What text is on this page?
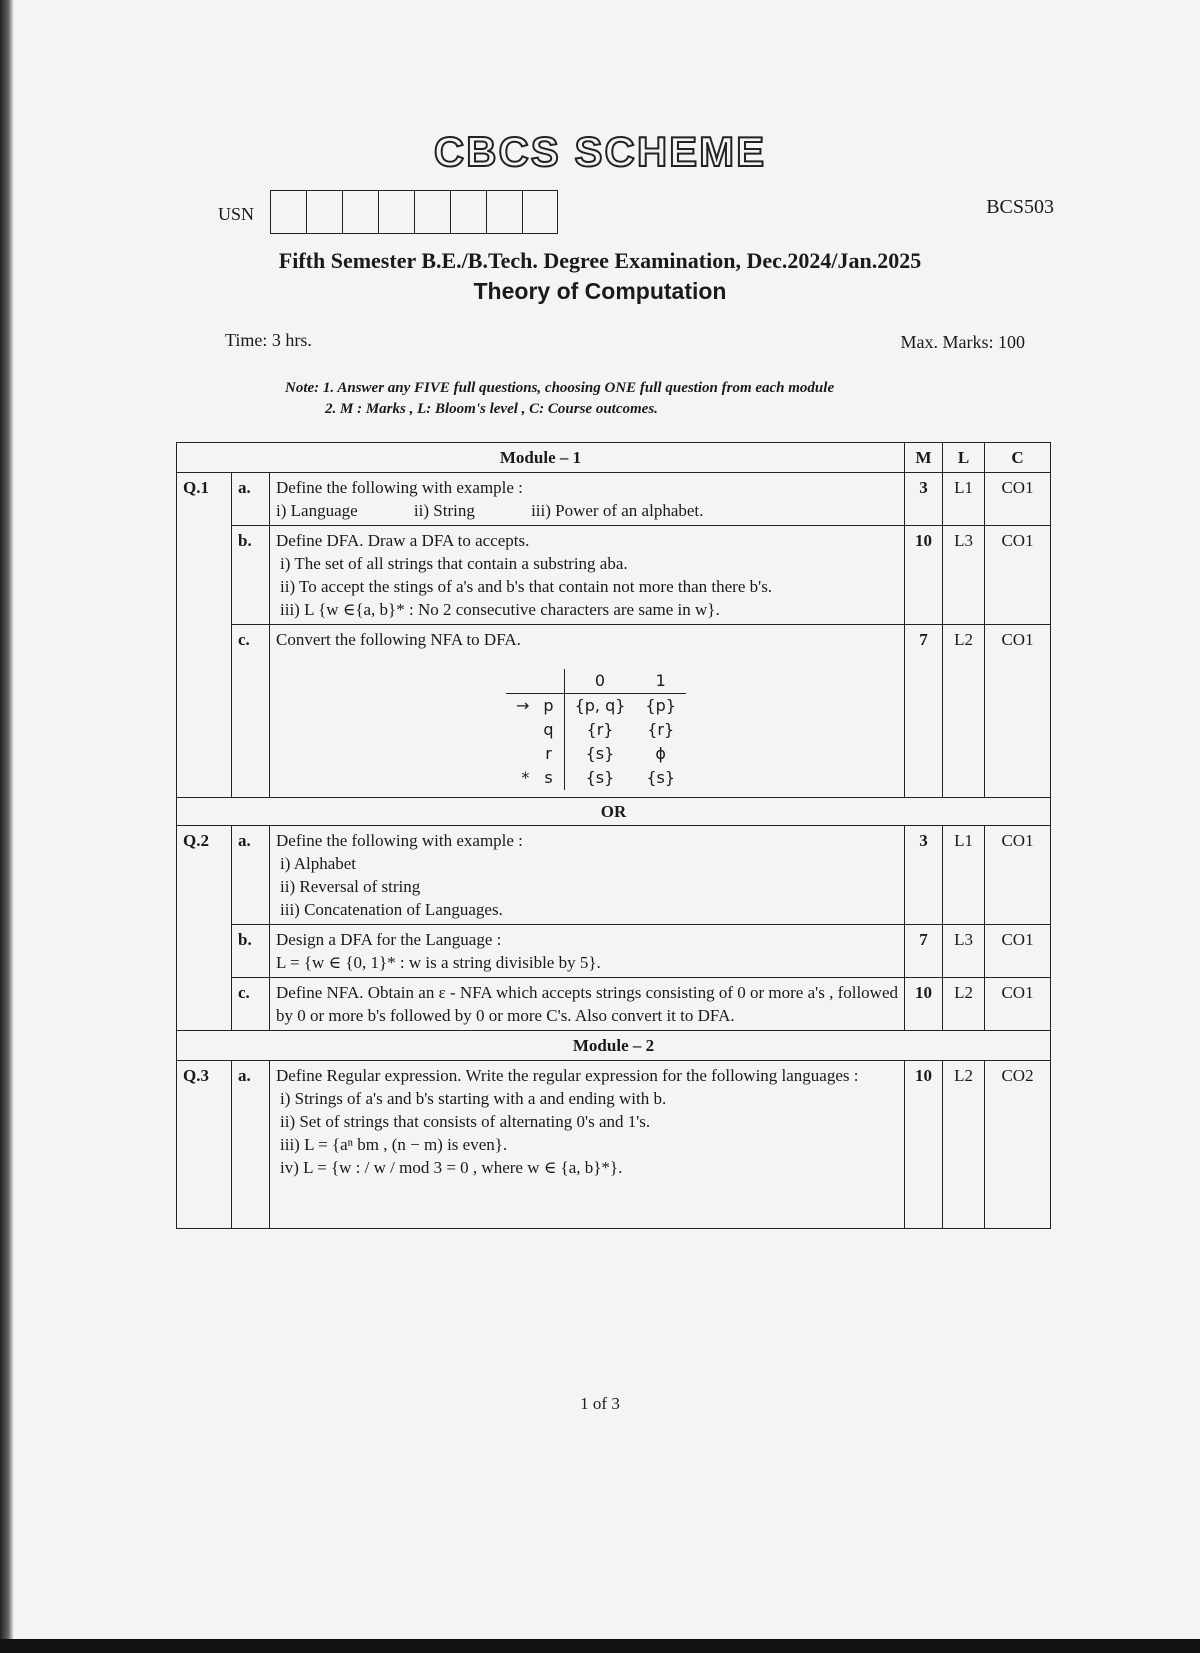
CBCS SCHEME
USN	BCS503
Fifth Semester B.E./B.Tech. Degree Examination, Dec.2024/Jan.2025
Theory of Computation
Time: 3 hrs.	Max. Marks: 100
Note: 1. Answer any FIVE full questions, choosing ONE full question from each module
2. M : Marks , L: Bloom's level , C: Course outcomes.
Module – 1	M	L	C
Q.1	a.	Define the following with example :
i) Language	ii) String	iii) Power of an alphabet.
	3	L1	CO1
	b.	Define DFA. Draw a DFA to accepts.
i) The set of all strings that contain a substring aba.
ii) To accept the stings of a's and b's that contain not more than there b's.
iii) L {w ∈{a, b}* : No 2 consecutive characters are same in w}.
	10	L3	CO1
	c.	Convert the following NFA to DFA.
		0	1
→	p	{p, q}	{p}
	q	{r}	{r}
	r	{s}	ϕ
*	s	{s}	{s}
	7	L2	CO1
OR
Q.2	a.	Define the following with example :
i) Alphabet
ii) Reversal of string
iii) Concatenation of Languages.
	3	L1	CO1
	b.	Design a DFA for the Language :
L = {w ∈ {0, 1}* : w is a string divisible by 5}.
	7	L3	CO1
	c.	Define NFA. Obtain an ε - NFA which accepts strings consisting of 0 or more a's , followed by 0 or more b's followed by 0 or more C's. Also convert it to DFA.	10	L2	CO1
Module – 2
Q.3	a.	Define Regular expression. Write the regular expression for the following languages :
i) Strings of a's and b's starting with a and ending with b.
ii) Set of strings that consists of alternating 0's and 1's.
iii) L = {aⁿ bm , (n − m) is even}.
iv) L = {w : / w / mod 3 = 0 , where w ∈ {a, b}*}.
	10	L2	CO2
1 of 3
